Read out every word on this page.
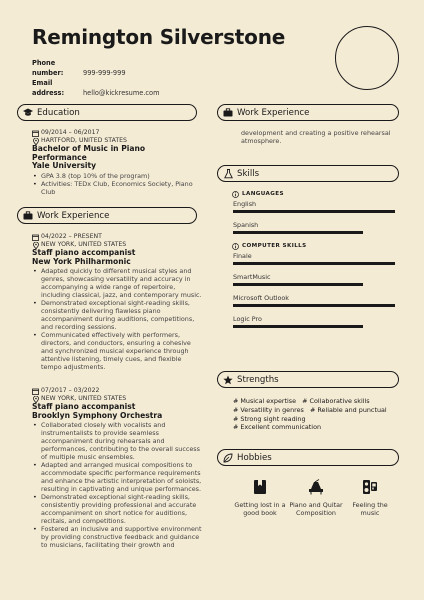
Remington Silverstone
Phone number:	999-999-999
Email address:	hello@kickresume.com
Education
09/2014 – 06/2017
HARTFORD, UNITED STATES
Bachelor of Music in Piano Performance
Yale University
• GPA 3.8 (top 10% of the program)
• Activities: TEDx Club, Economics Society, Piano Club
Work Experience
04/2022 – PRESENT
NEW YORK, UNITED STATES
Staff piano accompanist
New York Philharmonic
• Adapted quickly to different musical styles and genres, showcasing versatility and accuracy in accompanying a wide range of repertoire, including classical, jazz, and contemporary music.
• Demonstrated exceptional sight-reading skills, consistently delivering flawless piano accompaniment during auditions, competitions, and recording sessions.
• Communicated effectively with performers, directors, and conductors, ensuring a cohesive and synchronized musical experience through attentive listening, timely cues, and flexible tempo adjustments.
07/2017 – 03/2022
NEW YORK, UNITED STATES
Staff piano accompanist
Brooklyn Symphony Orchestra
• Collaborated closely with vocalists and instrumentalists to provide seamless accompaniment during rehearsals and performances, contributing to the overall success of multiple music ensembles.
• Adapted and arranged musical compositions to accommodate specific performance requirements and enhance the artistic interpretation of soloists, resulting in captivating and unique performances.
• Demonstrated exceptional sight-reading skills, consistently providing professional and accurate accompaniment on short notice for auditions, recitals, and competitions.
• Fostered an inclusive and supportive environment by providing constructive feedback and guidance to musicians, facilitating their growth and
Work Experience
development and creating a positive rehearsal atmosphere.
Skills
LANGUAGES
English
Spanish
COMPUTER SKILLS
Finale
SmartMusic
Microsoft Outlook
Logic Pro
Strengths
# Musical expertise # Collaborative skills
# Versatility in genres # Reliable and punctual
# Strong sight reading
# Excellent communication
Hobbies
Getting lost in a good book
Piano and Quitar Composition
Feeling the music
